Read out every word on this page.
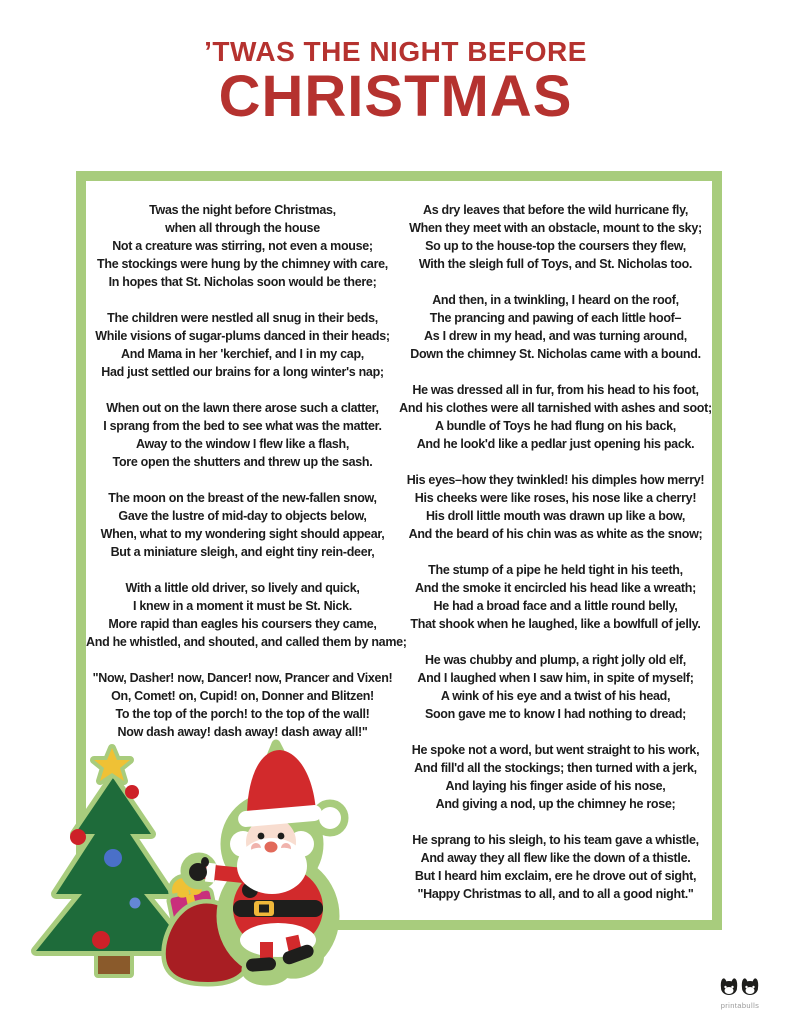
’TWAS THE NIGHT BEFORE
CHRISTMAS
Twas the night before Christmas,
when all through the house
Not a creature was stirring, not even a mouse;
The stockings were hung by the chimney with care,
In hopes that St. Nicholas soon would be there;
The children were nestled all snug in their beds,
While visions of sugar-plums danced in their heads;
And Mama in her 'kerchief, and I in my cap,
Had just settled our brains for a long winter's nap;
When out on the lawn there arose such a clatter,
I sprang from the bed to see what was the matter.
Away to the window I flew like a flash,
Tore open the shutters and threw up the sash.
The moon on the breast of the new-fallen snow,
Gave the lustre of mid-day to objects below,
When, what to my wondering sight should appear,
But a miniature sleigh, and eight tiny rein-deer,
With a little old driver, so lively and quick,
I knew in a moment it must be St. Nick.
More rapid than eagles his coursers they came,
And he whistled, and shouted, and called them by name;
"Now, Dasher! now, Dancer! now, Prancer and Vixen!
On, Comet! on, Cupid! on, Donner and Blitzen!
To the top of the porch! to the top of the wall!
Now dash away! dash away! dash away all!"
As dry leaves that before the wild hurricane fly,
When they meet with an obstacle, mount to the sky;
So up to the house-top the coursers they flew,
With the sleigh full of Toys, and St. Nicholas too.
And then, in a twinkling, I heard on the roof,
The prancing and pawing of each little hoof–
As I drew in my head, and was turning around,
Down the chimney St. Nicholas came with a bound.
He was dressed all in fur, from his head to his foot,
And his clothes were all tarnished with ashes and soot;
A bundle of Toys he had flung on his back,
And he look'd like a pedlar just opening his pack.
His eyes–how they twinkled! his dimples how merry!
His cheeks were like roses, his nose like a cherry!
His droll little mouth was drawn up like a bow,
And the beard of his chin was as white as the snow;
The stump of a pipe he held tight in his teeth,
And the smoke it encircled his head like a wreath;
He had a broad face and a little round belly,
That shook when he laughed, like a bowlfull of jelly.
He was chubby and plump, a right jolly old elf,
And I laughed when I saw him, in spite of myself;
A wink of his eye and a twist of his head,
Soon gave me to know I had nothing to dread;
He spoke not a word, but went straight to his work,
And fill'd all the stockings; then turned with a jerk,
And laying his finger aside of his nose,
And giving a nod, up the chimney he rose;
He sprang to his sleigh, to his team gave a whistle,
And away they all flew like the down of a thistle.
But I heard him exclaim, ere he drove out of sight,
"Happy Christmas to all, and to all a good night."
printabulls
